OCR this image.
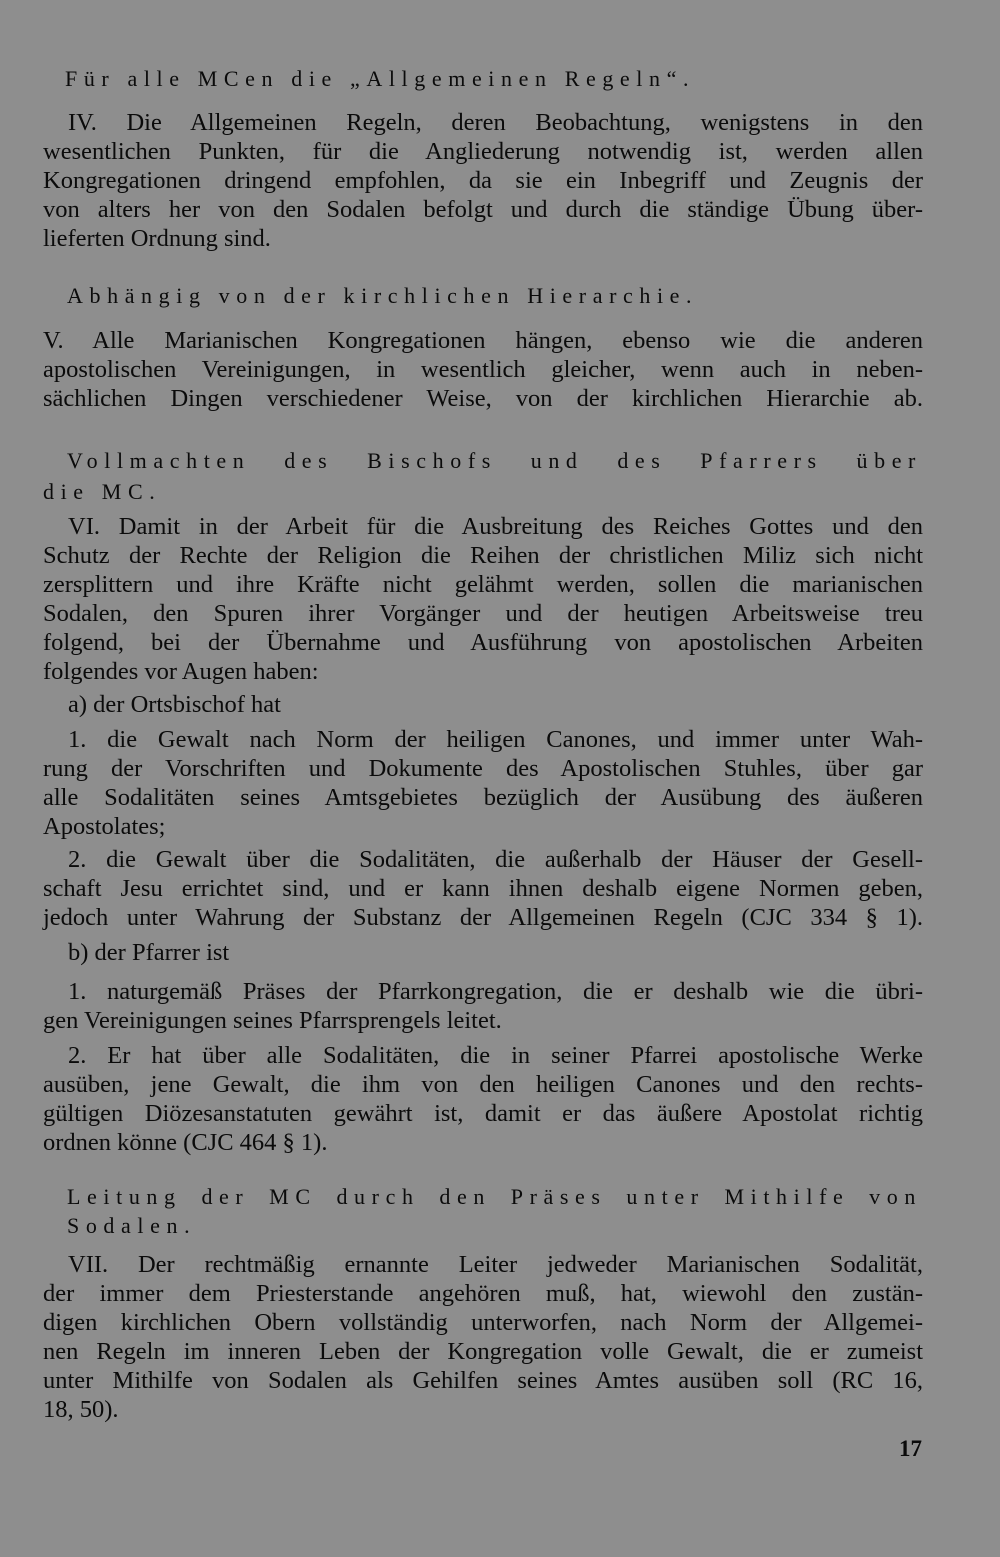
Für alle MCen die „Allgemeinen Regeln“.
IV. Die Allgemeinen Regeln, deren Beobachtung, wenigstens in den
wesentlichen Punkten, für die Angliederung notwendig ist, werden allen
Kongregationen dringend empfohlen, da sie ein Inbegriff und Zeugnis der
von alters her von den Sodalen befolgt und durch die ständige Übung über-
lieferten Ordnung sind.
Abhängig von der kirchlichen Hierarchie.
V. Alle Marianischen Kongregationen hängen, ebenso wie die anderen
apostolischen Vereinigungen, in wesentlich gleicher, wenn auch in neben-
sächlichen Dingen verschiedener Weise, von der kirchlichen Hierarchie ab.
Vollmachten des Bischofs und des Pfarrers über
die MC.
VI. Damit in der Arbeit für die Ausbreitung des Reiches Gottes und den
Schutz der Rechte der Religion die Reihen der christlichen Miliz sich nicht
zersplittern und ihre Kräfte nicht gelähmt werden, sollen die marianischen
Sodalen, den Spuren ihrer Vorgänger und der heutigen Arbeitsweise treu
folgend, bei der Übernahme und Ausführung von apostolischen Arbeiten
folgendes vor Augen haben:
a) der Ortsbischof hat
1. die Gewalt nach Norm der heiligen Canones, und immer unter Wah-
rung der Vorschriften und Dokumente des Apostolischen Stuhles, über gar
alle Sodalitäten seines Amtsgebietes bezüglich der Ausübung des äußeren
Apostolates;
2. die Gewalt über die Sodalitäten, die außerhalb der Häuser der Gesell-
schaft Jesu errichtet sind, und er kann ihnen deshalb eigene Normen geben,
jedoch unter Wahrung der Substanz der Allgemeinen Regeln (CJC 334 § 1).
b) der Pfarrer ist
1. naturgemäß Präses der Pfarrkongregation, die er deshalb wie die übri-
gen Vereinigungen seines Pfarrsprengels leitet.
2. Er hat über alle Sodalitäten, die in seiner Pfarrei apostolische Werke
ausüben, jene Gewalt, die ihm von den heiligen Canones und den rechts-
gültigen Diözesanstatuten gewährt ist, damit er das äußere Apostolat richtig
ordnen könne (CJC 464 § 1).
Leitung der MC durch den Präses unter Mithilfe von
Sodalen.
VII. Der rechtmäßig ernannte Leiter jedweder Marianischen Sodalität,
der immer dem Priesterstande angehören muß, hat, wiewohl den zustän-
digen kirchlichen Obern vollständig unterworfen, nach Norm der Allgemei-
nen Regeln im inneren Leben der Kongregation volle Gewalt, die er zumeist
unter Mithilfe von Sodalen als Gehilfen seines Amtes ausüben soll (RC 16,
18, 50).
17
